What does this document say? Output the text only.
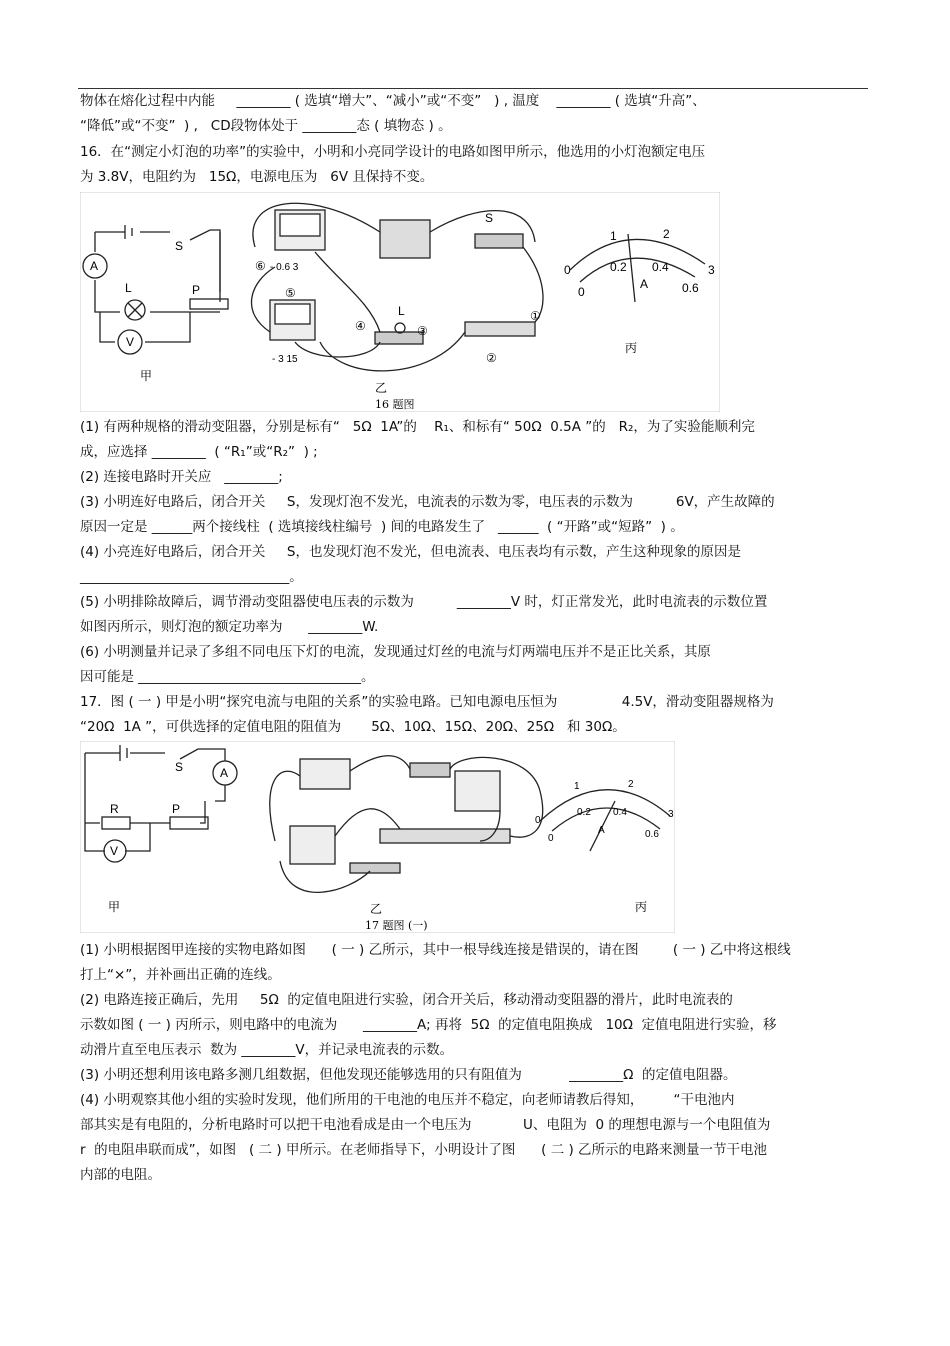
物体在熔化过程中内能     ________ ( 选填“增大”、“减小”或“不变”   ) , 温度    ________ ( 选填“升高”、
“降低”或“不变”  ) ,   CD段物体处于 ________态 ( 填物态 ) 。
16．在“测定小灯泡的功率”的实验中，小明和小亮同学设计的电路如图甲所示，他选用的小灯泡额定电压
为 3.8V，电阻约为   15Ω，电源电压为   6V 且保持不变。
A
V
L
S
P
甲
⑥
⑤
④	③
②
①
- 0.6 3
- 3 15
S
L
乙
16 题图
0
1	2
3
0
0.2 0.4
0.6
A
丙
(1) 有两种规格的滑动变阻器，分别是标有“   5Ω  1A”的    R₁、和标有“ 50Ω  0.5A ”的   R₂，为了实验能顺利完
成，应选择 ________  ( “R₁”或“R₂”  ) ;
(2) 连接电路时开关应   ________;
(3) 小明连好电路后，闭合开关     S，发现灯泡不发光，电流表的示数为零，电压表的示数为          6V，产生故障的
原因一定是 ______两个接线柱  ( 选填接线柱编号  ) 间的电路发生了   ______  ( “开路”或“短路”  ) 。
(4) 小亮连好电路后，闭合开关     S，也发现灯泡不发光，但电流表、电压表均有示数，产生这种现象的原因是
_______________________________。
(5) 小明排除故障后，调节滑动变阻器使电压表的示数为          ________V 时，灯正常发光，此时电流表的示数位置
如图丙所示，则灯泡的额定功率为      ________W.
(6) 小明测量并记录了多组不同电压下灯的电流，发现通过灯丝的电流与灯两端电压并不是正比关系，其原
因可能是 _________________________________。
17．图 ( 一 ) 甲是小明“探究电流与电阻的关系”的实验电路。已知电源电压恒为               4.5V，滑动变阻器规格为
“20Ω  1A ”，可供选择的定值电阻的阻值为       5Ω、10Ω、15Ω、20Ω、25Ω   和 30Ω。
A
V
R
S
P
甲	乙
17 题图 (一)
0
1	2
3
0
0.2 0.4
0.6
A
丙
(1) 小明根据图甲连接的实物电路如图      ( 一 ) 乙所示，其中一根导线连接是错误的，请在图        ( 一 ) 乙中将这根线
打上“×”，并补画出正确的连线。
(2) 电路连接正确后，先用     5Ω  的定值电阻进行实验，闭合开关后，移动滑动变阻器的滑片，此时电流表的
示数如图 ( 一 ) 丙所示，则电路中的电流为      ________A; 再将  5Ω  的定值电阻换成   10Ω  定值电阻进行实验，移
动滑片直至电压表示  数为 ________V，并记录电流表的示数。
(3) 小明还想利用该电路多测几组数据，但他发现还能够选用的只有阻值为           ________Ω  的定值电阻器。
(4) 小明观察其他小组的实验时发现，他们所用的干电池的电压并不稳定，向老师请教后得知，       “干电池内
部其实是有电阻的，分析电路时可以把干电池看成是由一个电压为            U、电阻为  0 的理想电源与一个电阻值为
r  的电阻串联而成”，如图   ( 二 ) 甲所示。在老师指导下，小明设计了图      ( 二 ) 乙所示的电路来测量一节干电池
内部的电阻。
